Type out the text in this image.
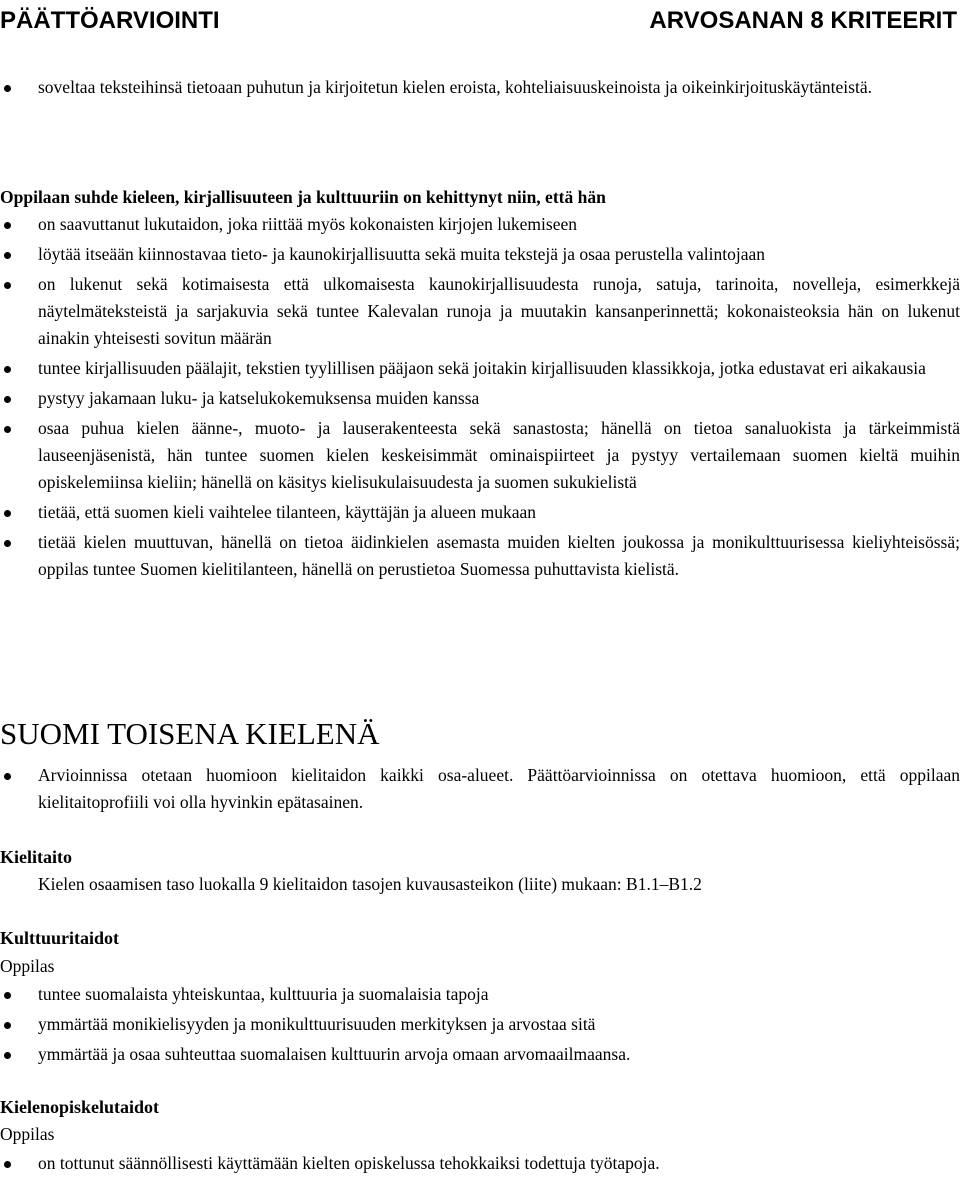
PÄÄTTÖARVIOINTI	ARVOSANAN 8 KRITEERIT
soveltaa teksteihinsä tietoaan puhutun ja kirjoitetun kielen eroista, kohteliaisuuskeinoista ja oikeinkirjoituskäytänteistä.
Oppilaan suhde kieleen, kirjallisuuteen ja kulttuuriin on kehittynyt niin, että hän
on saavuttanut lukutaidon, joka riittää myös kokonaisten kirjojen lukemiseen
löytää itseään kiinnostavaa tieto- ja kaunokirjallisuutta sekä muita tekstejä ja osaa perustella valintojaan
on lukenut sekä kotimaisesta että ulkomaisesta kaunokirjallisuudesta runoja, satuja, tarinoita, novelleja, esimerkkejä näytelmäteksteistä ja sarjakuvia sekä tuntee Kalevalan runoja ja muutakin kansanperinnettä; kokonaisteoksia hän on lukenut ainakin yhteisesti sovitun määrän
tuntee kirjallisuuden päälajit, tekstien tyylillisen pääjaon sekä joitakin kirjallisuuden klassikkoja, jotka edustavat eri aikakausia
pystyy jakamaan luku- ja katselukokemuksensa muiden kanssa
osaa puhua kielen äänne-, muoto- ja lauserakenteesta sekä sanastosta; hänellä on tietoa sanaluokista ja tärkeimmistä lauseenjäsenistä, hän tuntee suomen kielen keskeisimmät ominaispiirteet ja pystyy vertailemaan suomen kieltä muihin opiskelemiinsa kieliin; hänellä on käsitys kielisukulaisuudesta ja suomen sukukielistä
tietää, että suomen kieli vaihtelee tilanteen, käyttäjän ja alueen mukaan
tietää kielen muuttuvan, hänellä on tietoa äidinkielen asemasta muiden kielten joukossa ja monikulttuurisessa kieliyhteisössä; oppilas tuntee Suomen kielitilanteen, hänellä on perustietoa Suomessa puhuttavista kielistä.
SUOMI TOISENA KIELENÄ
Arvioinnissa otetaan huomioon kielitaidon kaikki osa-alueet. Päättöarvioinnissa on otettava huomioon, että oppilaan kielitaitoprofiili voi olla hyvinkin epätasainen.
Kielitaito
Kielen osaamisen taso luokalla 9 kielitaidon tasojen kuvausasteikon (liite) mukaan: B1.1–B1.2
Kulttuuritaidot
Oppilas
tuntee suomalaista yhteiskuntaa, kulttuuria ja suomalaisia tapoja
ymmärtää monikielisyyden ja monikulttuurisuuden merkityksen ja arvostaa sitä
ymmärtää ja osaa suhteuttaa suomalaisen kulttuurin arvoja omaan arvomaailmaansa.
Kielenopiskelutaidot
Oppilas
on tottunut säännöllisesti käyttämään kielten opiskelussa tehokkaiksi todettuja työtapoja.
